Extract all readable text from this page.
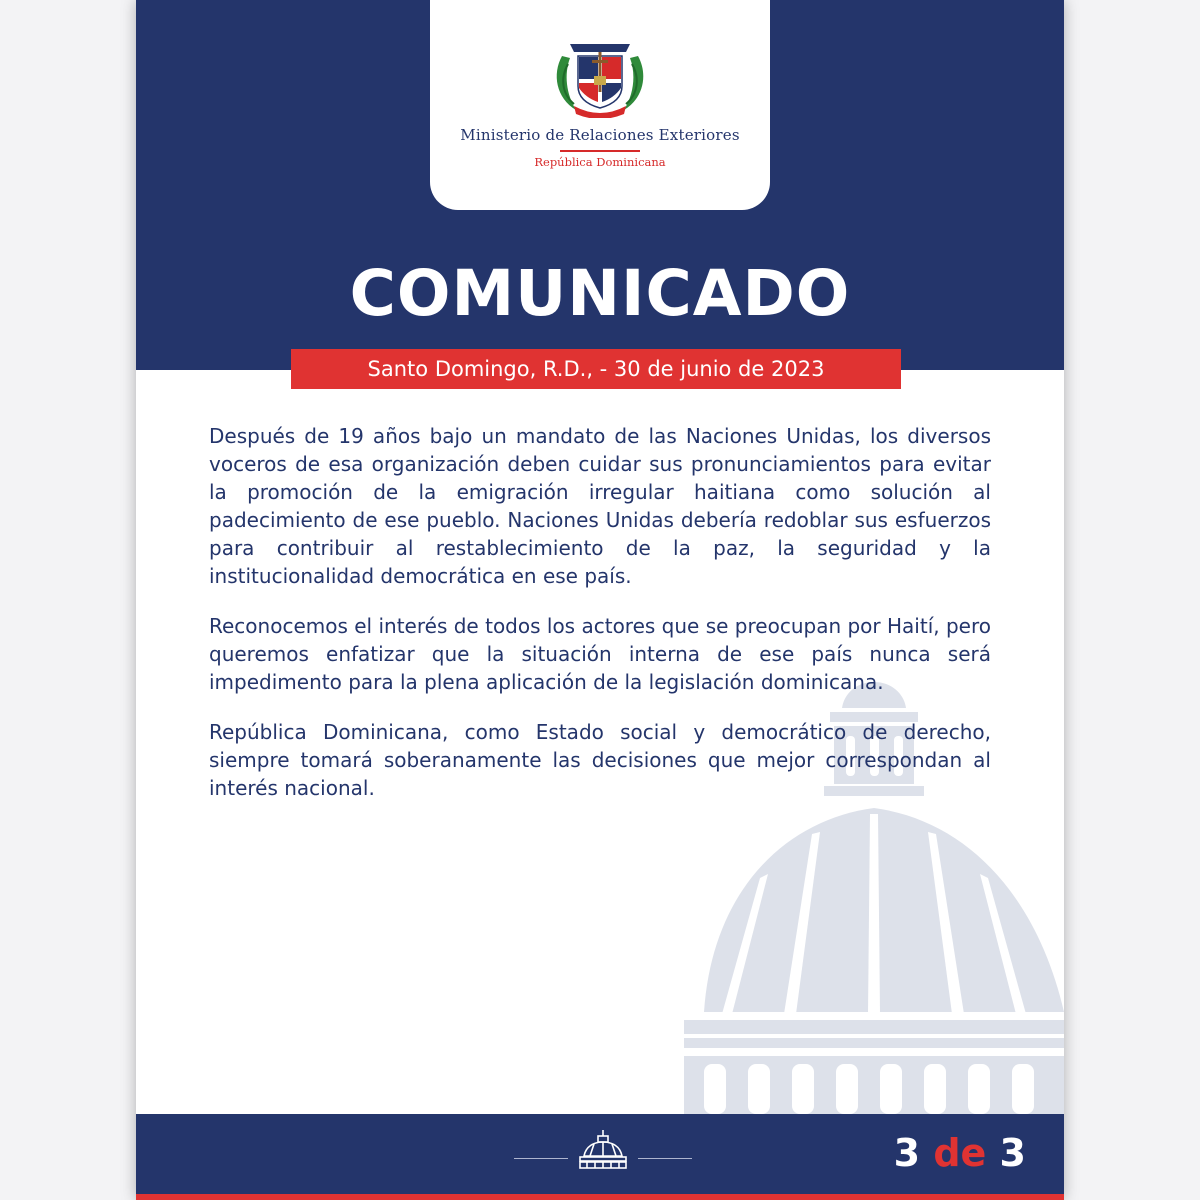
Ministerio de Relaciones Exteriores
República Dominicana
COMUNICADO
Santo Domingo, R.D., - 30 de junio de 2023

Después de 19 años bajo un mandato de las Naciones Unidas, los diversos voceros de esa organización deben cuidar sus pronunciamientos para evitar la promoción de la emigración irregular haitiana como solución al padecimiento de ese pueblo. Naciones Unidas debería redoblar sus esfuerzos para contribuir al restablecimiento de la paz, la seguridad y la institucionalidad democrática en ese país.

Reconocemos el interés de todos los actores que se preocupan por Haití, pero queremos enfatizar que la situación interna de ese país nunca será impedimento para la plena aplicación de la legislación dominicana.

República Dominicana, como Estado social y democrático de derecho, siempre tomará soberanamente las decisiones que mejor correspondan al interés nacional.

3 de 3
